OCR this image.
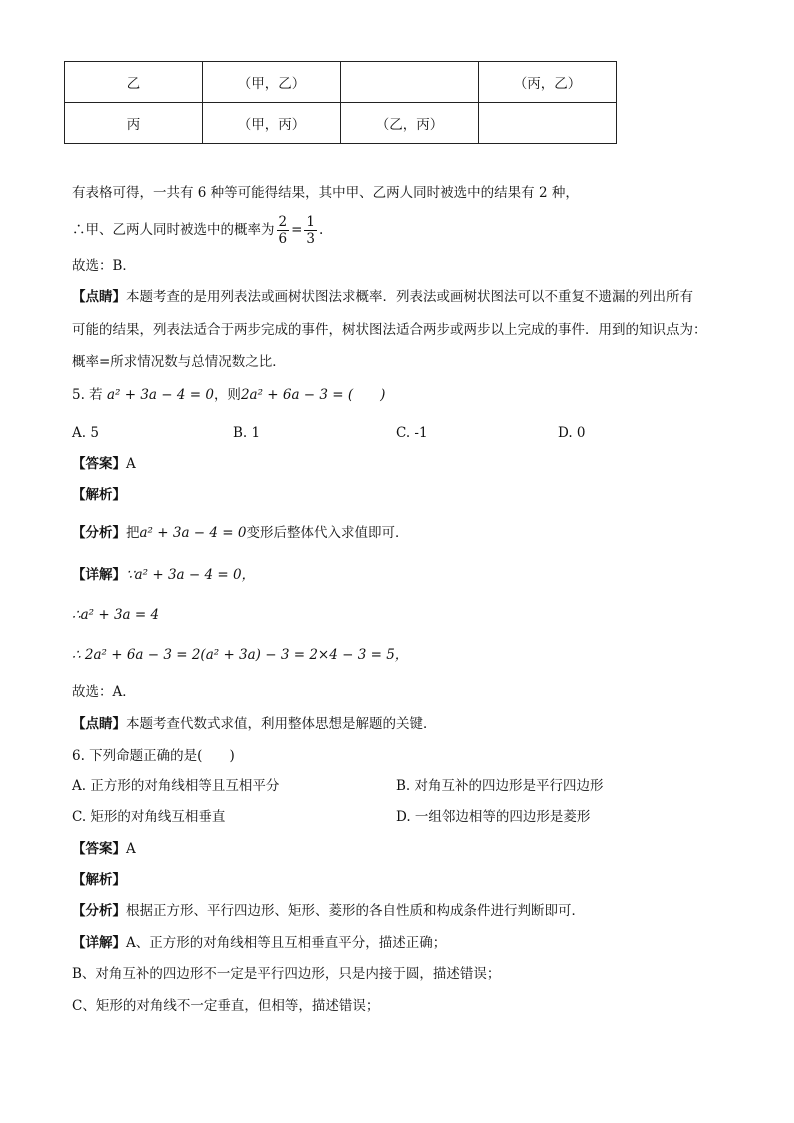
乙	（甲，乙）		（丙，乙）
丙	（甲，丙）	（乙，丙）	
有表格可得，一共有 6 种等可能得结果，其中甲、乙两人同时被选中的结果有 2 种，
∴甲、乙两人同时被选中的概率为 $\frac{2}{6} = \frac{1}{3}$ .
故选：B．
【点睛】本题考查的是用列表法或画树状图法求概率．列表法或画树状图法可以不重复不遗漏的列出所有
可能的结果，列表法适合于两步完成的事件，树状图法适合两步或两步以上完成的事件．用到的知识点为：
概率=所求情况数与总情况数之比．
5. 若 a² + 3a − 4 = 0，则2a² + 6a − 3 = (　　)
A. 5	B. 1	C. -1	D. 0
【答案】A
【解析】
【分析】把a² + 3a − 4 = 0变形后整体代入求值即可．
【详解】∵a² + 3a − 4 = 0，
∴a² + 3a = 4
∴ 2a² + 6a − 3 = 2(a² + 3a) − 3 = 2×4 − 3 = 5，
故选：A．
【点睛】本题考查代数式求值，利用整体思想是解题的关键．
6. 下列命题正确的是(　　)
A. 正方形的对角线相等且互相平分	B. 对角互补的四边形是平行四边形
C. 矩形的对角线互相垂直	D. 一组邻边相等的四边形是菱形
【答案】A
【解析】
【分析】根据正方形、平行四边形、矩形、菱形的各自性质和构成条件进行判断即可．
【详解】A、正方形的对角线相等且互相垂直平分，描述正确；
B、对角互补的四边形不一定是平行四边形，只是内接于圆，描述错误；
C、矩形的对角线不一定垂直，但相等，描述错误；
